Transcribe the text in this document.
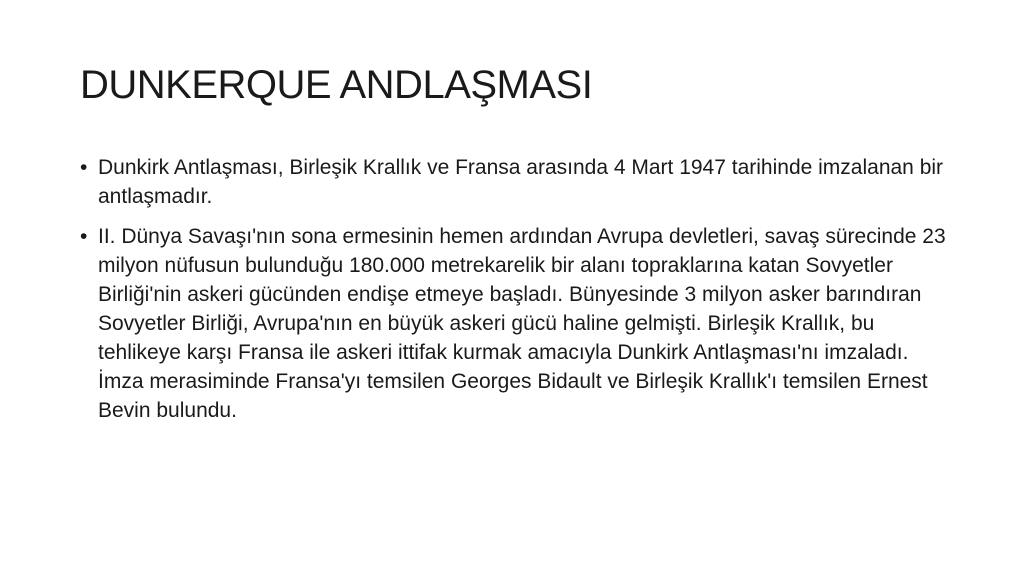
DUNKERQUE ANDLAŞMASI
• Dunkirk Antlaşması, Birleşik Krallık ve Fransa arasında 4 Mart 1947 tarihinde imzalanan bir antlaşmadır.
• II. Dünya Savaşı'nın sona ermesinin hemen ardından Avrupa devletleri, savaş sürecinde 23 milyon nüfusun bulunduğu 180.000 metrekarelik bir alanı topraklarına katan Sovyetler Birliği'nin askeri gücünden endişe etmeye başladı. Bünyesinde 3 milyon asker barındıran Sovyetler Birliği, Avrupa'nın en büyük askeri gücü haline gelmişti. Birleşik Krallık, bu tehlikeye karşı Fransa ile askeri ittifak kurmak amacıyla Dunkirk Antlaşması'nı imzaladı. İmza merasiminde Fransa'yı temsilen Georges Bidault ve Birleşik Krallık'ı temsilen Ernest Bevin bulundu.
